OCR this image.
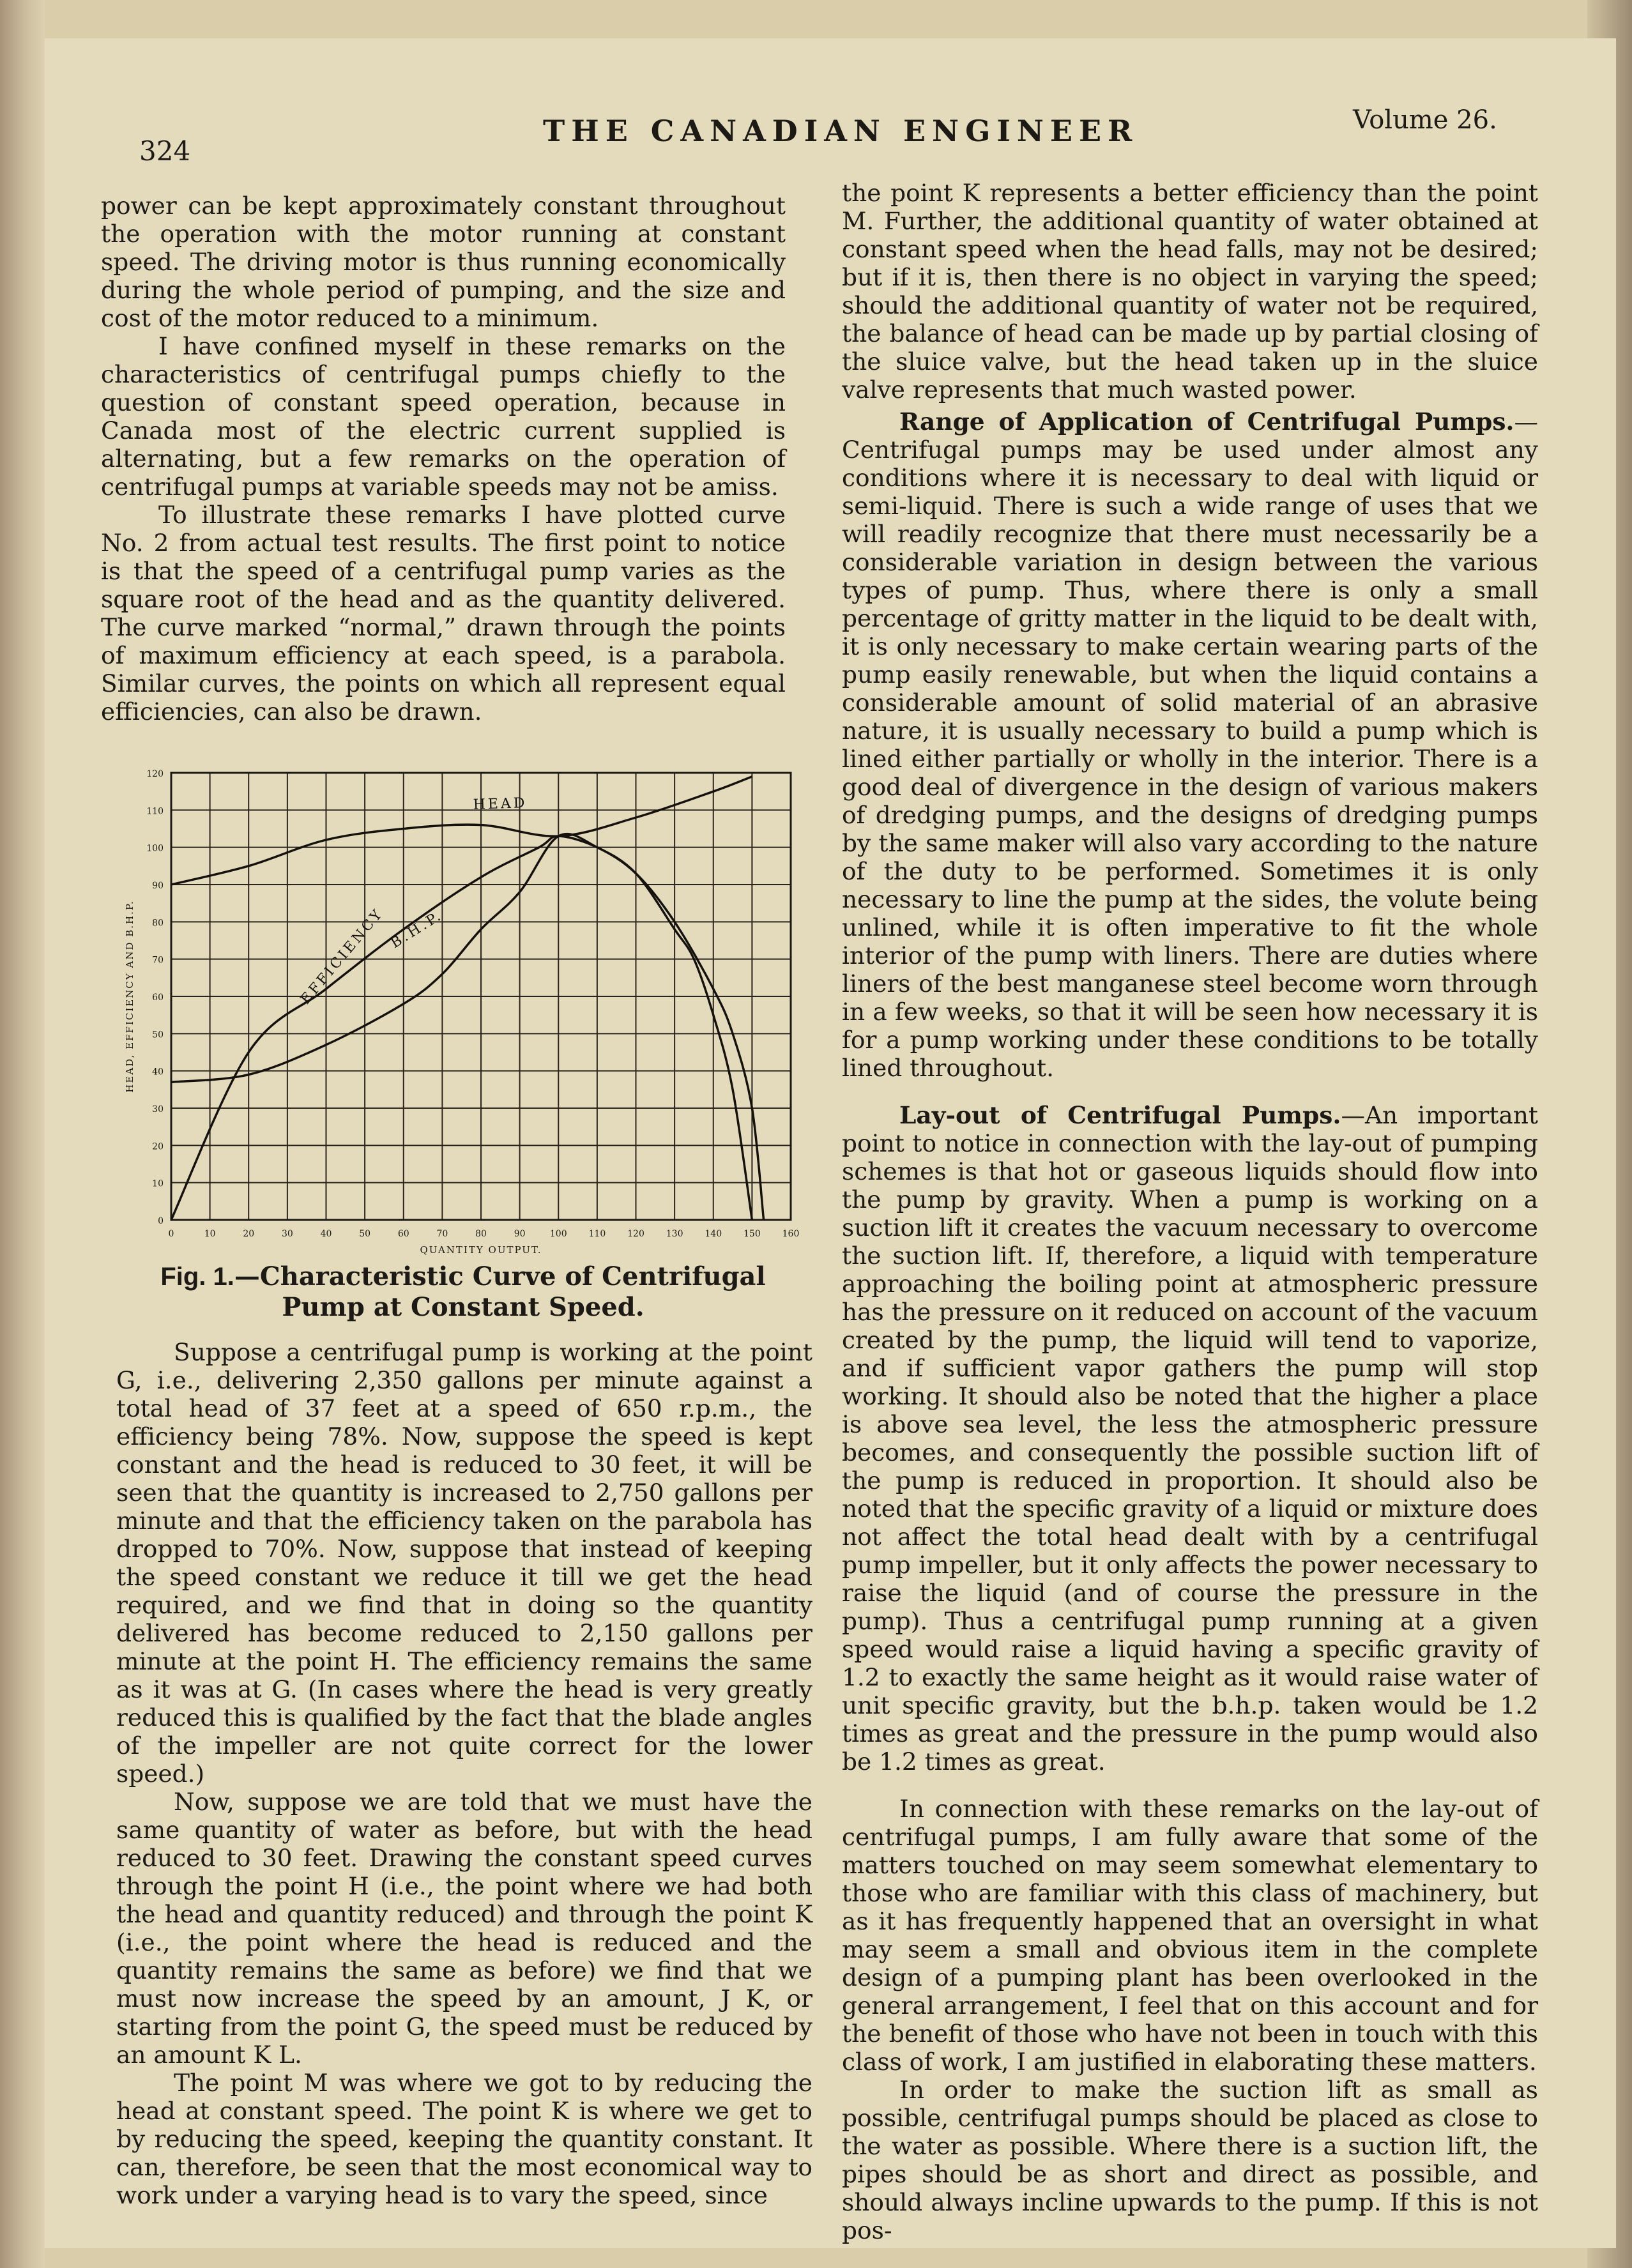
324
THE CANADIAN ENGINEER	Volume 26.

power can be kept approximately constant throughout the operation with the motor running at constant speed. The driving motor is thus running economically during the whole period of pumping, and the size and cost of the motor reduced to a minimum.

I have confined myself in these remarks on the characteristics of centrifugal pumps chiefly to the question of constant speed operation, because in Canada most of the electric current supplied is alternating, but a few remarks on the operation of centrifugal pumps at variable speeds may not be amiss.

To illustrate these remarks I have plotted curve No. 2 from actual test results. The first point to notice is that the speed of a centrifugal pump varies as the square root of the head and as the quantity delivered. The curve marked “normal,” drawn through the points of maximum efficiency at each speed, is a parabola. Similar curves, the points on which all represent equal efficiencies, can also be drawn.

0
10
20
30
40
50
60
70
80
90
100
110
120
0	10	20	30	40	50	60	70	80	90	100 110 120 130 140 150 160
QUANTITY OUTPUT.
HEAD, EFFICIENCY AND B.H.P.
HEAD
EFFICIENCY B.H.P.
Fig. 1.—Characteristic Curve of Centrifugal Pump at Constant Speed.

Suppose a centrifugal pump is working at the point G, i.e., delivering 2,350 gallons per minute against a total head of 37 feet at a speed of 650 r.p.m., the efficiency being 78%. Now, suppose the speed is kept constant and the head is reduced to 30 feet, it will be seen that the quantity is increased to 2,750 gallons per minute and that the efficiency taken on the parabola has dropped to 70%. Now, suppose that instead of keeping the speed constant we reduce it till we get the head required, and we find that in doing so the quantity delivered has become reduced to 2,150 gallons per minute at the point H. The efficiency remains the same as it was at G. (In cases where the head is very greatly reduced this is qualified by the fact that the blade angles of the impeller are not quite correct for the lower speed.)

Now, suppose we are told that we must have the same quantity of water as before, but with the head reduced to 30 feet. Drawing the constant speed curves through the point H (i.e., the point where we had both the head and quantity reduced) and through the point K (i.e., the point where the head is reduced and the quantity remains the same as before) we find that we must now increase the speed by an amount, J K, or starting from the point G, the speed must be reduced by an amount K L.

The point M was where we got to by reducing the head at constant speed. The point K is where we get to by reducing the speed, keeping the quantity constant. It can, therefore, be seen that the most economical way to work under a varying head is to vary the speed, since

the point K represents a better efficiency than the point M. Further, the additional quantity of water obtained at constant speed when the head falls, may not be desired; but if it is, then there is no object in varying the speed; should the additional quantity of water not be required, the balance of head can be made up by partial closing of the sluice valve, but the head taken up in the sluice valve represents that much wasted power.

Range of Application of Centrifugal Pumps.—Centrifugal pumps may be used under almost any conditions where it is necessary to deal with liquid or semi-liquid. There is such a wide range of uses that we will readily recognize that there must necessarily be a considerable variation in design between the various types of pump. Thus, where there is only a small percentage of gritty matter in the liquid to be dealt with, it is only necessary to make certain wearing parts of the pump easily renewable, but when the liquid contains a considerable amount of solid material of an abrasive nature, it is usually necessary to build a pump which is lined either partially or wholly in the interior. There is a good deal of divergence in the design of various makers of dredging pumps, and the designs of dredging pumps by the same maker will also vary according to the nature of the duty to be performed. Sometimes it is only necessary to line the pump at the sides, the volute being unlined, while it is often imperative to fit the whole interior of the pump with liners. There are duties where liners of the best manganese steel become worn through in a few weeks, so that it will be seen how necessary it is for a pump working under these conditions to be totally lined throughout.

Lay-out of Centrifugal Pumps.—An important point to notice in connection with the lay-out of pumping schemes is that hot or gaseous liquids should flow into the pump by gravity. When a pump is working on a suction lift it creates the vacuum necessary to overcome the suction lift. If, therefore, a liquid with temperature approaching the boiling point at atmospheric pressure has the pressure on it reduced on account of the vacuum created by the pump, the liquid will tend to vaporize, and if sufficient vapor gathers the pump will stop working. It should also be noted that the higher a place is above sea level, the less the atmospheric pressure becomes, and consequently the possible suction lift of the pump is reduced in proportion. It should also be noted that the specific gravity of a liquid or mixture does not affect the total head dealt with by a centrifugal pump impeller, but it only affects the power necessary to raise the liquid (and of course the pressure in the pump). Thus a centrifugal pump running at a given speed would raise a liquid having a specific gravity of 1.2 to exactly the same height as it would raise water of unit specific gravity, but the b.h.p. taken would be 1.2 times as great and the pressure in the pump would also be 1.2 times as great.

In connection with these remarks on the lay-out of centrifugal pumps, I am fully aware that some of the matters touched on may seem somewhat elementary to those who are familiar with this class of machinery, but as it has frequently happened that an oversight in what may seem a small and obvious item in the complete design of a pumping plant has been overlooked in the general arrangement, I feel that on this account and for the benefit of those who have not been in touch with this class of work, I am justified in elaborating these matters.

In order to make the suction lift as small as possible, centrifugal pumps should be placed as close to the water as possible. Where there is a suction lift, the pipes should be as short and direct as possible, and should always incline upwards to the pump. If this is not pos-
